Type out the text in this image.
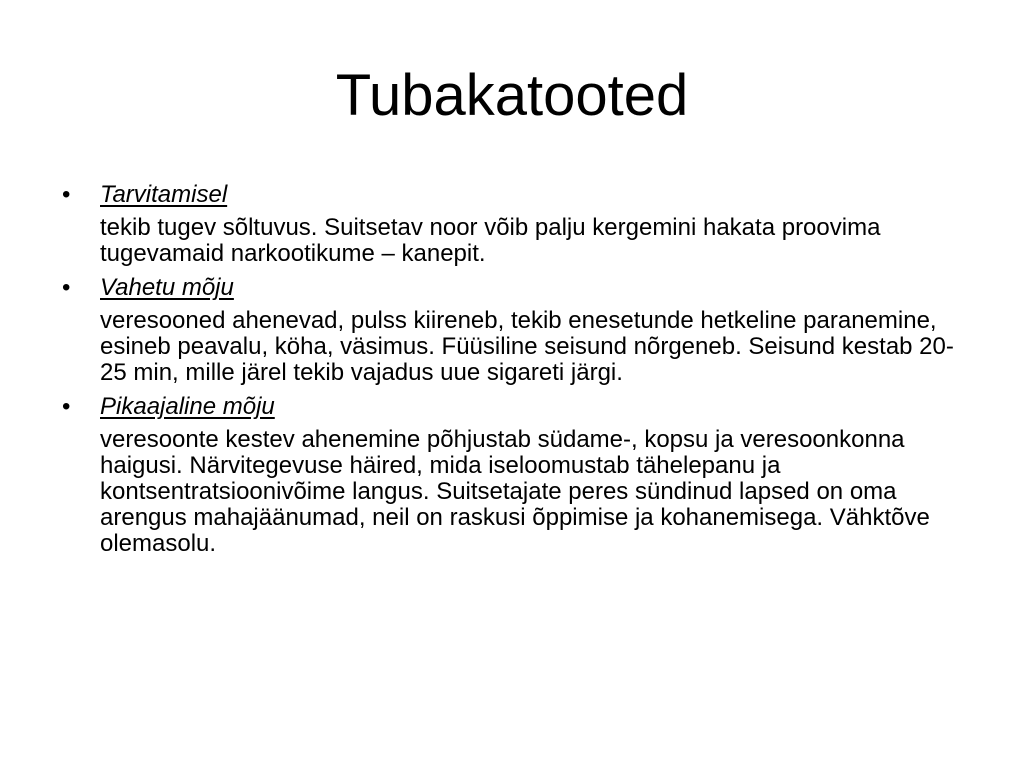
Tubakatooted
•	Tarvitamisel
tekib tugev sõltuvus. Suitsetav noor võib palju kergemini hakata proovima tugevamaid narkootikume – kanepit.
•	Vahetu mõju
veresooned ahenevad, pulss kiireneb, tekib enesetunde hetkeline paranemine, esineb peavalu, köha, väsimus. Füüsiline seisund nõrgeneb. Seisund kestab 20- 25 min, mille järel tekib vajadus uue sigareti järgi.
•	Pikaajaline mõju
veresoonte kestev ahenemine põhjustab südame-, kopsu ja veresoonkonna haigusi. Närvitegevuse häired, mida iseloomustab tähelepanu ja kontsentratsioonivõime langus. Suitsetajate peres sündinud lapsed on oma arengus mahajäänumad, neil on raskusi õppimise ja kohanemisega. Vähktõve olemasolu.
